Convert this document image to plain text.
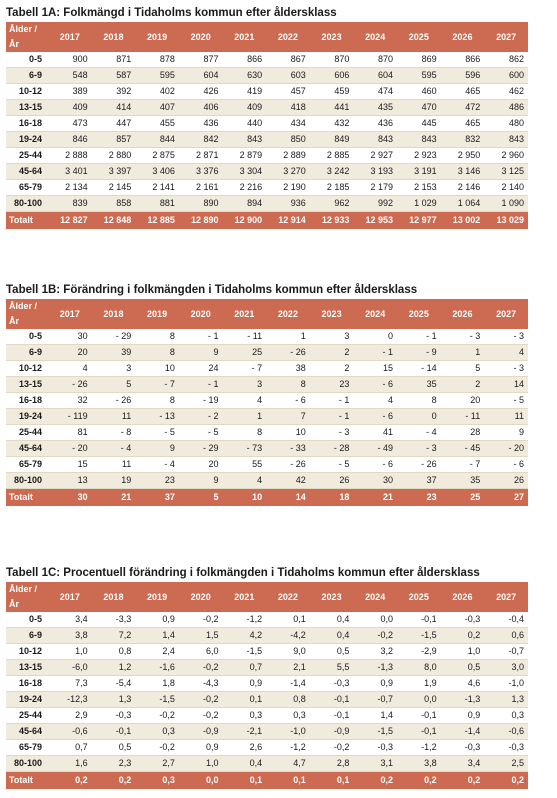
Tabell 1A: Folkmängd i Tidaholms kommun efter åldersklass
Ålder / År	2017	2018	2019	2020	2021	2022	2023	2024	2025	2026	2027
0-5	900	871	878	877	866	867	870	870	869	866	862
6-9	548	587	595	604	630	603	606	604	595	596	600
10-12	389	392	402	426	419	457	459	474	460	465	462
13-15	409	414	407	406	409	418	441	435	470	472	486
16-18	473	447	455	436	440	434	432	436	445	465	480
19-24	846	857	844	842	843	850	849	843	843	832	843
25-44	2 888	2 880	2 875	2 871	2 879	2 889	2 885	2 927	2 923	2 950	2 960
45-64	3 401	3 397	3 406	3 376	3 304	3 270	3 242	3 193	3 191	3 146	3 125
65-79	2 134	2 145	2 141	2 161	2 216	2 190	2 185	2 179	2 153	2 146	2 140
80-100	839	858	881	890	894	936	962	992	1 029	1 064	1 090
Totalt	12 827	12 848	12 885	12 890	12 900	12 914	12 933	12 953	12 977	13 002	13 029
Tabell 1B: Förändring i folkmängden i Tidaholms kommun efter åldersklass
Ålder / År	2017	2018	2019	2020	2021	2022	2023	2024	2025	2026	2027
0-5	30	- 29	8	- 1	- 11	1	3	0	- 1	- 3	- 3
6-9	20	39	8	9	25	- 26	2	- 1	- 9	1	4
10-12	4	3	10	24	- 7	38	2	15	- 14	5	- 3
13-15	- 26	5	- 7	- 1	3	8	23	- 6	35	2	14
16-18	32	- 26	8	- 19	4	- 6	- 1	4	8	20	- 5
19-24	- 119	11	- 13	- 2	1	7	- 1	- 6	0	- 11	11
25-44	81	- 8	- 5	- 5	8	10	- 3	41	- 4	28	9
45-64	- 20	- 4	9	- 29	- 73	- 33	- 28	- 49	- 3	- 45	- 20
65-79	15	11	- 4	20	55	- 26	- 5	- 6	- 26	- 7	- 6
80-100	13	19	23	9	4	42	26	30	37	35	26
Totalt	30	21	37	5	10	14	18	21	23	25	27
Tabell 1C: Procentuell förändring i folkmängden i Tidaholms kommun efter åldersklass
Ålder / År	2017	2018	2019	2020	2021	2022	2023	2024	2025	2026	2027
0-5	3,4	-3,3	0,9	-0,2	-1,2	0,1	0,4	0,0	-0,1	-0,3	-0,4
6-9	3,8	7,2	1,4	1,5	4,2	-4,2	0,4	-0,2	-1,5	0,2	0,6
10-12	1,0	0,8	2,4	6,0	-1,5	9,0	0,5	3,2	-2,9	1,0	-0,7
13-15	-6,0	1,2	-1,6	-0,2	0,7	2,1	5,5	-1,3	8,0	0,5	3,0
16-18	7,3	-5,4	1,8	-4,3	0,9	-1,4	-0,3	0,9	1,9	4,6	-1,0
19-24	-12,3	1,3	-1,5	-0,2	0,1	0,8	-0,1	-0,7	0,0	-1,3	1,3
25-44	2,9	-0,3	-0,2	-0,2	0,3	0,3	-0,1	1,4	-0,1	0,9	0,3
45-64	-0,6	-0,1	0,3	-0,9	-2,1	-1,0	-0,9	-1,5	-0,1	-1,4	-0,6
65-79	0,7	0,5	-0,2	0,9	2,6	-1,2	-0,2	-0,3	-1,2	-0,3	-0,3
80-100	1,6	2,3	2,7	1,0	0,4	4,7	2,8	3,1	3,8	3,4	2,5
Totalt	0,2	0,2	0,3	0,0	0,1	0,1	0,1	0,2	0,2	0,2	0,2
